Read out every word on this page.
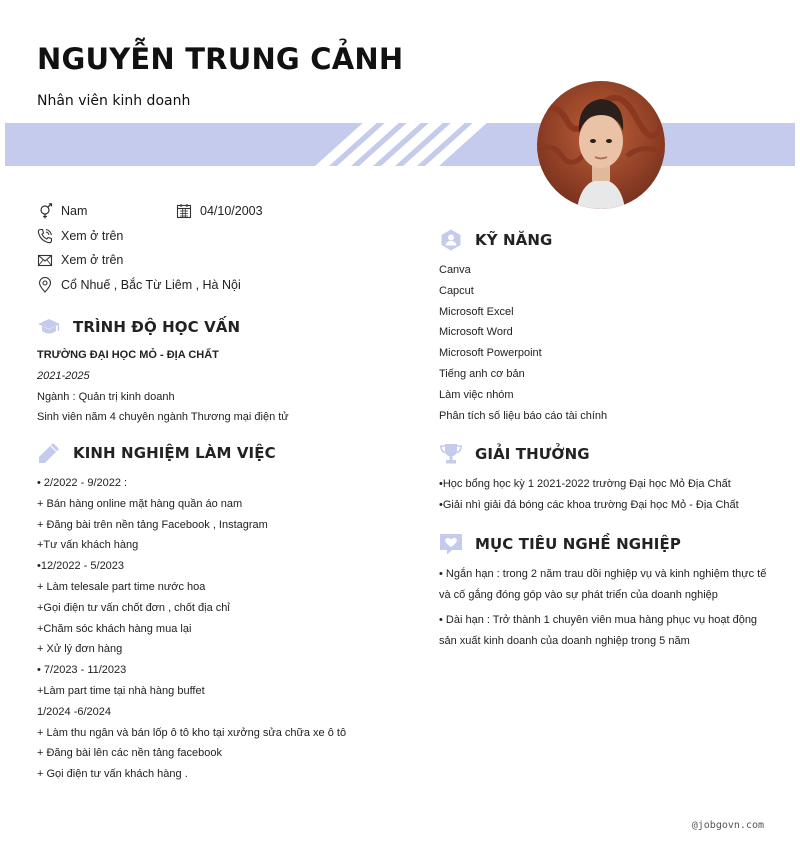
NGUYỄN TRUNG CẢNH

Nhân viên kinh doanh

Nam	04/10/2003
Xem ở trên
Xem ở trên
Cổ Nhuế , Bắc Từ Liêm , Hà Nội
TRÌNH ĐỘ HỌC VẤN
TRƯỜNG ĐẠI HỌC MỎ - ĐỊA CHẤT
2021-2025
Ngành : Quản trị kinh doanh
Sinh viên năm 4 chuyên ngành Thương mại điện tử
KINH NGHIỆM LÀM VIỆC
• 2/2022 - 9/2022 :
+ Bán hàng online mặt hàng quần áo nam
+ Đăng bài trên nền tảng Facebook , Instagram
+Tư vấn khách hàng
•12/2022 - 5/2023
+ Làm telesale part time nước hoa
+Gọi điện tư vấn chốt đơn , chốt địa chỉ
+Chăm sóc khách hàng mua lại
+ Xử lý đơn hàng
• 7/2023 - 11/2023
+Làm part time tại nhà hàng buffet
1/2024 -6/2024
+ Làm thu ngân và bán lốp ô tô kho tại xưởng sửa chữa xe ô tô
+ Đăng bài lên các nền tảng facebook
+ Gọi điện tư vấn khách hàng .
KỸ NĂNG
Canva
Capcut
Microsoft Excel
Microsoft Word
Microsoft Powerpoint
Tiếng anh cơ bản
Làm việc nhóm
Phân tích số liệu báo cáo tài chính
GIẢI THƯỞNG
•Học bổng học kỳ 1 2021-2022 trường Đại học Mỏ Địa Chất
•Giải nhì giải đá bóng các khoa trường Đại học Mỏ - Địa Chất
MỤC TIÊU NGHỀ NGHIỆP

• Ngắn hạn : trong 2 năm trau dồi nghiệp vụ và kinh nghiệm thực tế và cố gắng đóng góp vào sự phát triển của doanh nghiệp

• Dài hạn : Trở thành 1 chuyên viên mua hàng phục vụ hoạt động sản xuất kinh doanh của doanh nghiệp trong 5 năm

@jobgovn.com
